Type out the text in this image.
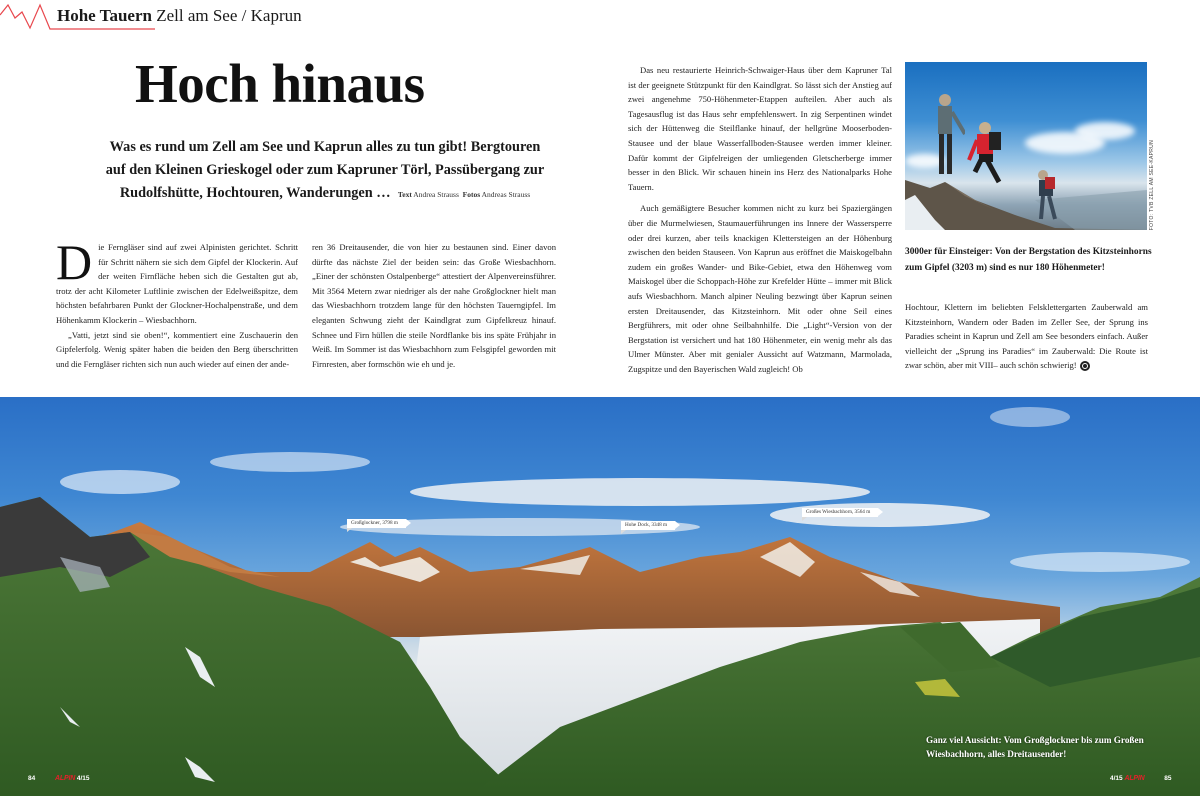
Hohe Tauern Zell am See / Kaprun
Hoch hinaus
Was es rund um Zell am See und Kaprun alles zu tun gibt! Bergtouren auf den Kleinen Grieskogel oder zum Kapruner Törl, Passübergang zur Rudolfshütte, Hochtouren, Wanderungen … Text Andrea Strauss Fotos Andreas Strauss
D ie Ferngläser sind auf zwei Alpinisten gerichtet. Schritt für Schritt nähern sie sich dem Gipfel der Klockerin. Auf der weiten Firnfläche heben sich die Gestalten gut ab, trotz der acht Kilometer Luftlinie zwischen der Edelweißspitze, dem höchsten befahrbaren Punkt der Glockner-Hochalpenstraße, und dem Höhenkamm Klockerin – Wiesbachhorn.

„Vatti, jetzt sind sie oben!“, kommentiert eine Zuschauerin den Gipfelerfolg. Wenig später haben die beiden den Berg überschritten und die Ferngläser richten sich nun auch wieder auf einen der ande-

ren 36 Dreitausender, die von hier zu bestaunen sind. Einer davon dürfte das nächste Ziel der beiden sein: das Große Wiesbachhorn. „Einer der schönsten Ostalpenberge“ attestiert der Alpenvereinsführer. Mit 3564 Metern zwar niedriger als der nahe Großglockner hielt man das Wiesbachhorn trotzdem lange für den höchsten Tauerngipfel. Im eleganten Schwung zieht der Kaindlgrat zum Gipfelkreuz hinauf. Schnee und Firn hüllen die steile Nordflanke bis ins späte Frühjahr in Weiß. Im Sommer ist das Wiesbachhorn zum Felsgipfel geworden mit Firnresten, aber formschön wie eh und je.

Das neu restaurierte Heinrich-Schwaiger-Haus über dem Kapruner Tal ist der geeignete Stützpunkt für den Kaindlgrat. So lässt sich der Anstieg auf zwei angenehme 750-Höhenmeter-Etappen aufteilen. Aber auch als Tagesausflug ist das Haus sehr empfehlenswert. In zig Serpentinen windet sich der Hüttenweg die Steilflanke hinauf, der hellgrüne Mooserboden-Stausee und der blaue Wasserfallboden-Stausee werden immer kleiner. Dafür kommt der Gipfelreigen der umliegenden Gletscherberge immer besser in den Blick. Wir schauen hinein ins Herz des Nationalparks Hohe Tauern.

Auch gemäßigtere Besucher kommen nicht zu kurz bei Spaziergängen über die Murmelwiesen, Staumauerführungen ins Innere der Wassersperre oder drei kurzen, aber teils knackigen Klettersteigen an der Höhenburg zwischen den beiden Stauseen. Von Kaprun aus eröffnet die Maiskogelbahn zudem ein großes Wander- und Bike-Gebiet, etwa den Höhenweg vom Maiskogel über die Schoppach-Höhe zur Krefelder Hütte – immer mit Blick aufs Wiesbachhorn. Manch alpiner Neuling bezwingt über Kaprun seinen ersten Dreitausender, das Kitzsteinhorn. Mit oder ohne Seil eines Bergführers, mit oder ohne Seilbahnhilfe. Die „Light“-Version von der Bergstation ist versichert und hat 180 Höhenmeter, ein wenig mehr als das Ulmer Münster. Aber mit genialer Aussicht auf Watzmann, Marmolada, Zugspitze und den Bayerischen Wald zugleich! Ob

FOTO: TVB ZELL AM SEE-KAPRUN
3000er für Einsteiger: Von der Bergstation des Kitzsteinhorns zum Gipfel (3203 m) sind es nur 180 Höhenmeter!

Hochtour, Klettern im beliebten Felsklettergarten Zauberwald am Kitzsteinhorn, Wandern oder Baden im Zeller See, der Sprung ins Paradies scheint in Kaprun und Zell am See besonders einfach. Außer vielleicht der „Sprung ins Paradies“ im Zauberwald: Die Route ist zwar schön, aber mit VIII– auch schön schwierig!

Großglockner, 3798 m	Hohe Dock, 3348 m
Großes Wiesbachhorn, 3564 m
Ganz viel Aussicht: Vom Großglockner bis zum Großen Wiesbachhorn, alles Dreitausender!
84	ALPIN 4/15	4/15 ALPIN	85
